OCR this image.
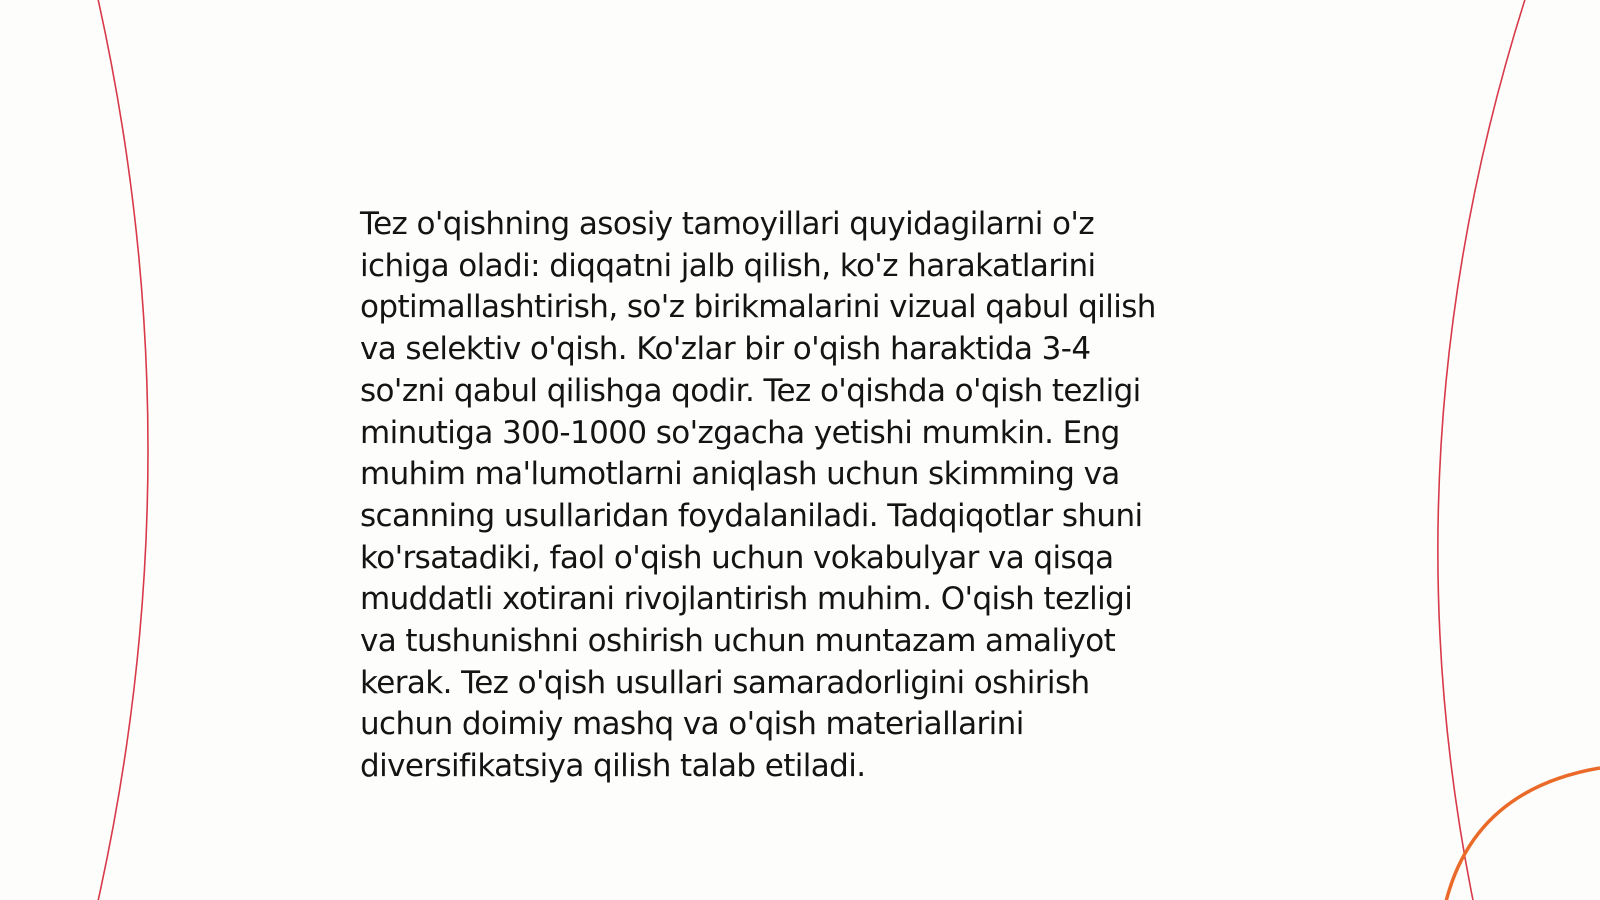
Tez o'qishning asosiy tamoyillari quyidagilarni o'z
ichiga oladi: diqqatni jalb qilish, ko'z harakatlarini
optimallashtirish, so'z birikmalarini vizual qabul qilish
va selektiv o'qish. Ko'zlar bir o'qish haraktida 3-4
so'zni qabul qilishga qodir. Tez o'qishda o'qish tezligi
minutiga 300-1000 so'zgacha yetishi mumkin. Eng
muhim ma'lumotlarni aniqlash uchun skimming va
scanning usullaridan foydalaniladi. Tadqiqotlar shuni
ko'rsatadiki, faol o'qish uchun vokabulyar va qisqa
muddatli xotirani rivojlantirish muhim. O'qish tezligi
va tushunishni oshirish uchun muntazam amaliyot
kerak. Tez o'qish usullari samaradorligini oshirish
uchun doimiy mashq va o'qish materiallarini
diversifikatsiya qilish talab etiladi.
